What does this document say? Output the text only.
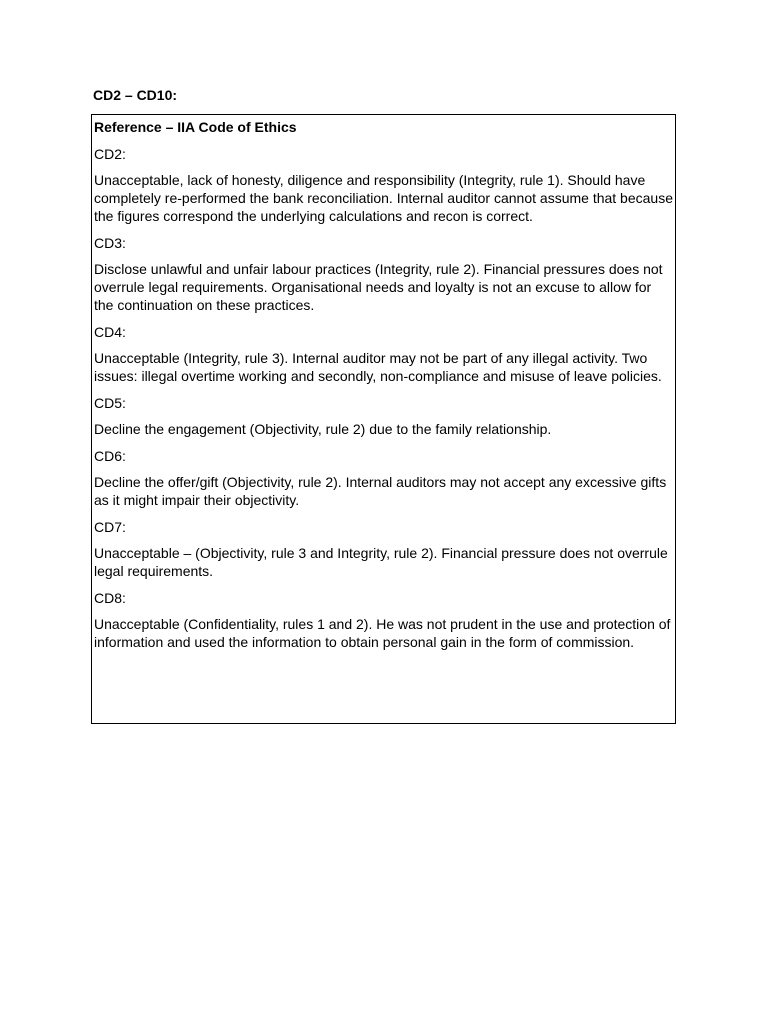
CD2 – CD10:

Reference – IIA Code of Ethics

CD2:

Unacceptable, lack of honesty, diligence and responsibility (Integrity, rule 1). Should have completely re-performed the bank reconciliation. Internal auditor cannot assume that because the figures correspond the underlying calculations and recon is correct.

CD3:

Disclose unlawful and unfair labour practices (Integrity, rule 2). Financial pressures does not overrule legal requirements. Organisational needs and loyalty is not an excuse to allow for the continuation on these practices.

CD4:

Unacceptable (Integrity, rule 3). Internal auditor may not be part of any illegal activity. Two issues: illegal overtime working and secondly, non-compliance and misuse of leave policies.

CD5:

Decline the engagement (Objectivity, rule 2) due to the family relationship.

CD6:

Decline the offer/gift (Objectivity, rule 2). Internal auditors may not accept any excessive gifts as it might impair their objectivity.

CD7:

Unacceptable – (Objectivity, rule 3 and Integrity, rule 2). Financial pressure does not overrule legal requirements.

CD8:

Unacceptable (Confidentiality, rules 1 and 2). He was not prudent in the use and protection of information and used the information to obtain personal gain in the form of commission.
